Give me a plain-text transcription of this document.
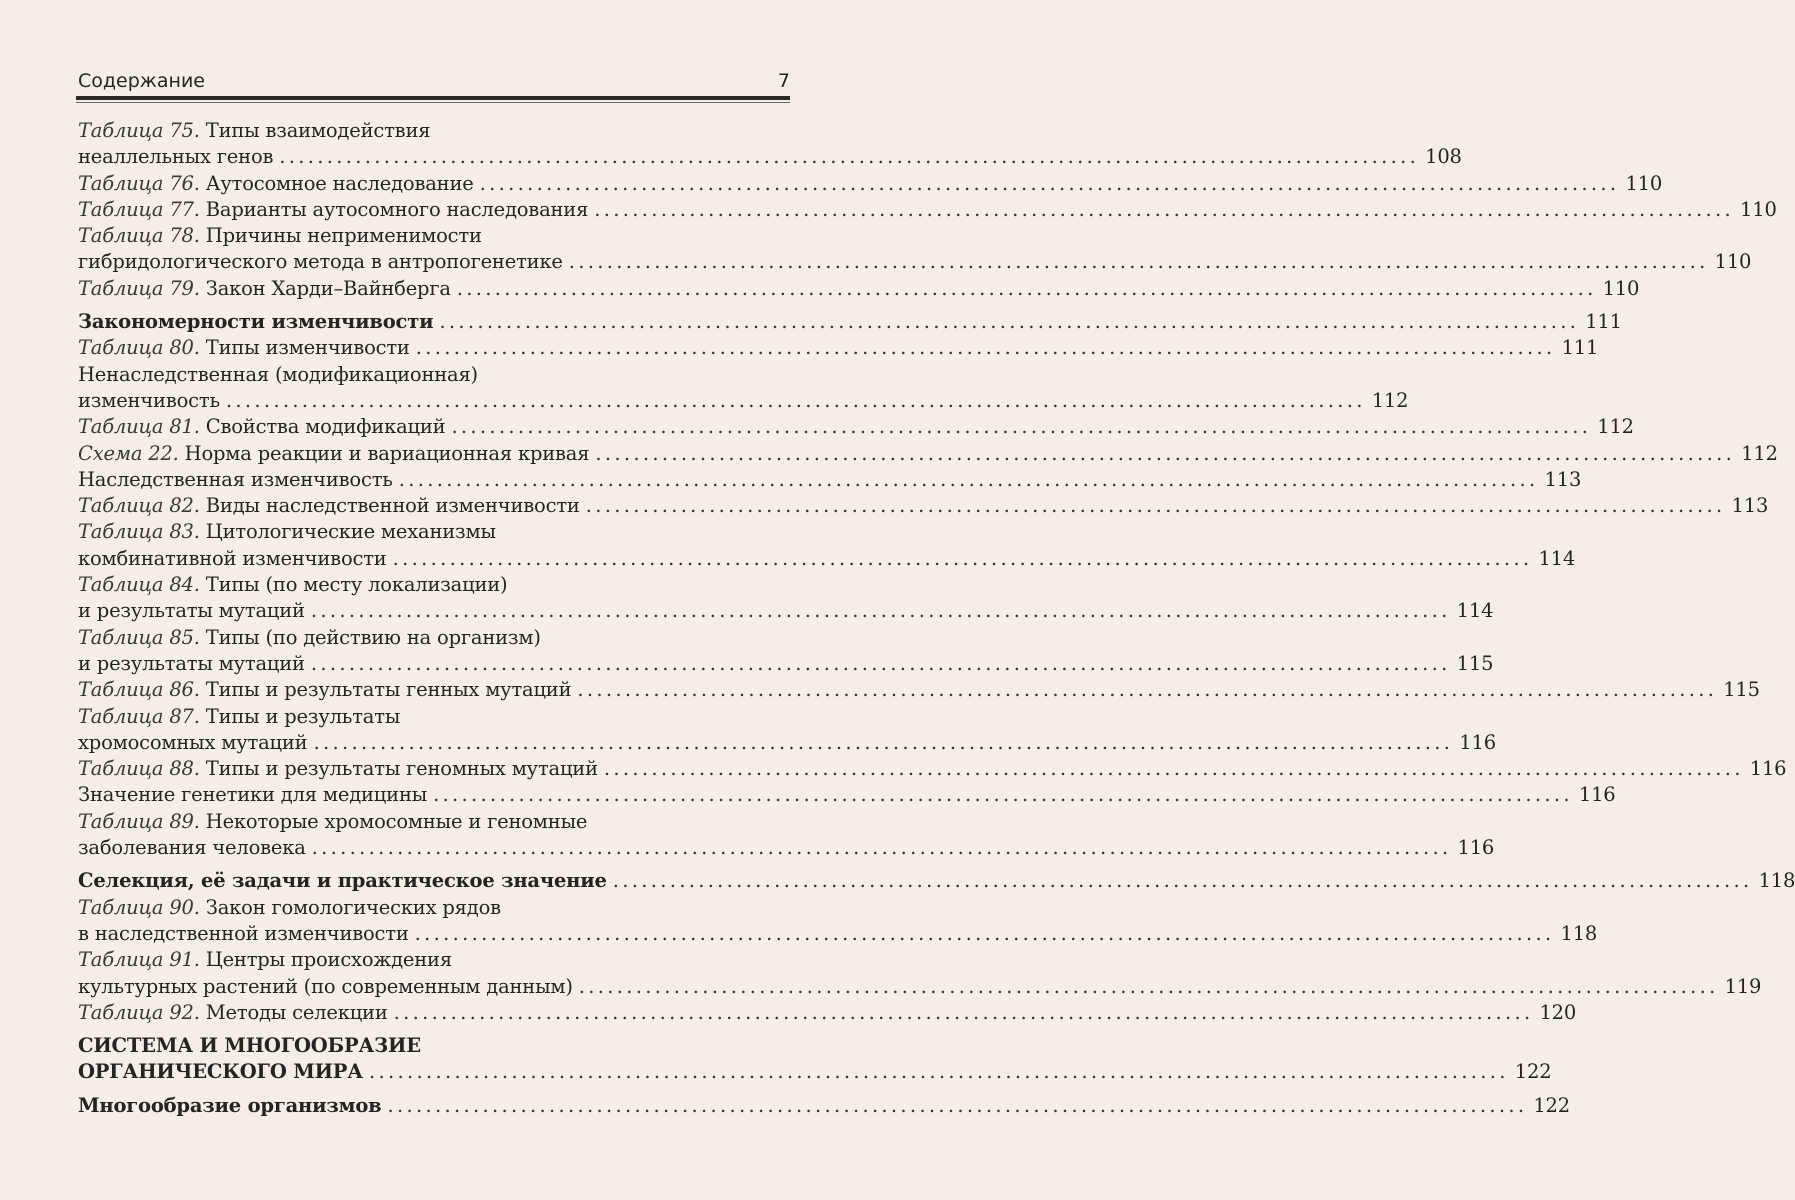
Содержание	7
Таблица 75. Типы взаимодействия
неаллельных генов ........................................................................................................................ 108
Таблица 76. Аутосомное наследование ........................................................................................................................ 110
Таблица 77. Варианты аутосомного наследования ........................................................................................................................ 110
Таблица 78. Причины неприменимости
гибридологического метода в антропогенетике ........................................................................................................................ 110
Таблица 79. Закон Харди–Вайнберга ........................................................................................................................ 110
Закономерности изменчивости ........................................................................................................................ 111
Таблица 80. Типы изменчивости ........................................................................................................................ 111
Ненаследственная (модификационная)
изменчивость ........................................................................................................................ 112
Таблица 81. Свойства модификаций ........................................................................................................................ 112
Схема 22. Норма реакции и вариационная кривая ........................................................................................................................ 112
Наследственная изменчивость ........................................................................................................................ 113
Таблица 82. Виды наследственной изменчивости ........................................................................................................................ 113
Таблица 83. Цитологические механизмы
комбинативной изменчивости ........................................................................................................................ 114
Таблица 84. Типы (по месту локализации)
и результаты мутаций ........................................................................................................................ 114
Таблица 85. Типы (по действию на организм)
и результаты мутаций ........................................................................................................................ 115
Таблица 86. Типы и результаты генных мутаций ........................................................................................................................ 115
Таблица 87. Типы и результаты
хромосомных мутаций ........................................................................................................................ 116
Таблица 88. Типы и результаты геномных мутаций ........................................................................................................................ 116
Значение генетики для медицины ........................................................................................................................ 116
Таблица 89. Некоторые хромосомные и геномные
заболевания человека ........................................................................................................................ 116
Селекция, её задачи и практическое значение ........................................................................................................................ 118
Таблица 90. Закон гомологических рядов
в наследственной изменчивости ........................................................................................................................ 118
Таблица 91. Центры происхождения
культурных растений (по современным данным) ........................................................................................................................ 119
Таблица 92. Методы селекции ........................................................................................................................ 120
СИСТЕМА И МНОГООБРАЗИЕ
ОРГАНИЧЕСКОГО МИРА ........................................................................................................................ 122
Многообразие организмов ........................................................................................................................ 122
